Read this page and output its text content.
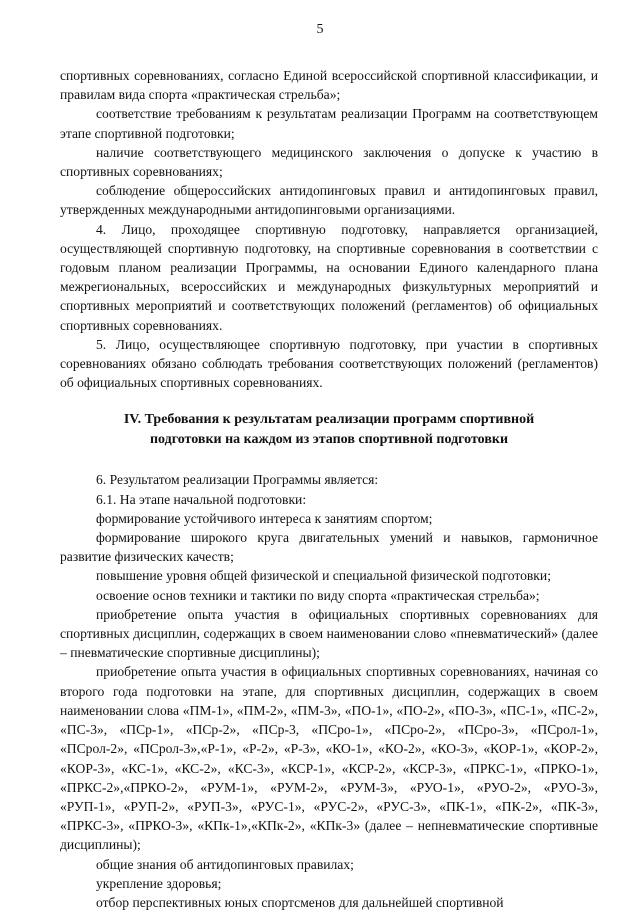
5

спортивных соревнованиях, согласно Единой всероссийской спортивной классификации, и правилам вида спорта «практическая стрельба»;

соответствие требованиям к результатам реализации Программ на соответствующем этапе спортивной подготовки;

наличие соответствующего медицинского заключения о допуске к участию в спортивных соревнованиях;

соблюдение общероссийских антидопинговых правил и антидопинговых правил, утвержденных международными антидопинговыми организациями.

4. Лицо, проходящее спортивную подготовку, направляется организацией, осуществляющей спортивную подготовку, на спортивные соревнования в соответствии с годовым планом реализации Программы, на основании Единого календарного плана межрегиональных, всероссийских и международных физкультурных мероприятий и спортивных мероприятий и соответствующих положений (регламентов) об официальных спортивных соревнованиях.

5. Лицо, осуществляющее спортивную подготовку, при участии в спортивных соревнованиях обязано соблюдать требования соответствующих положений (регламентов) об официальных спортивных соревнованиях.

IV. Требования к результатам реализации программ спортивной
подготовки на каждом из этапов спортивной подготовки

6. Результатом реализации Программы является:

6.1. На этапе начальной подготовки:

формирование устойчивого интереса к занятиям спортом;

формирование широкого круга двигательных умений и навыков, гармоничное развитие физических качеств;

повышение уровня общей физической и специальной физической подготовки;

освоение основ техники и тактики по виду спорта «практическая стрельба»;

приобретение опыта участия в официальных спортивных соревнованиях для спортивных дисциплин, содержащих в своем наименовании слово «пневматический» (далее – пневматические спортивные дисциплины);

приобретение опыта участия в официальных спортивных соревнованиях, начиная со второго года подготовки на этапе, для спортивных дисциплин, содержащих в своем наименовании слова «ПМ-1», «ПМ-2», «ПМ-3», «ПО-1», «ПО-2», «ПО-3», «ПС-1», «ПС-2», «ПС-3», «ПСр-1», «ПСр-2», «ПСр-3, «ПСро-1», «ПСро-2», «ПСро-3», «ПСрол-1», «ПСрол-2», «ПСрол-3»,«Р-1», «Р-2», «Р-3», «КО-1», «КО-2», «КО-3», «КОР-1», «КОР-2», «КОР-3», «КС-1», «КС-2», «КС-3», «КСР-1», «КСР-2», «КСР-3», «ПРКС-1», «ПРКО-1», «ПРКС-2»,«ПРКО-2», «РУМ-1», «РУМ-2», «РУМ-3», «РУО-1», «РУО-2», «РУО-3», «РУП-1», «РУП-2», «РУП-3», «РУС-1», «РУС-2», «РУС-3», «ПК-1», «ПК-2», «ПК-3», «ПРКС-3», «ПРКО-3», «КПк-1»,«КПк-2», «КПк-3» (далее – непневматические спортивные дисциплины);

общие знания об антидопинговых правилах;

укрепление здоровья;

отбор перспективных юных спортсменов для дальнейшей спортивной
